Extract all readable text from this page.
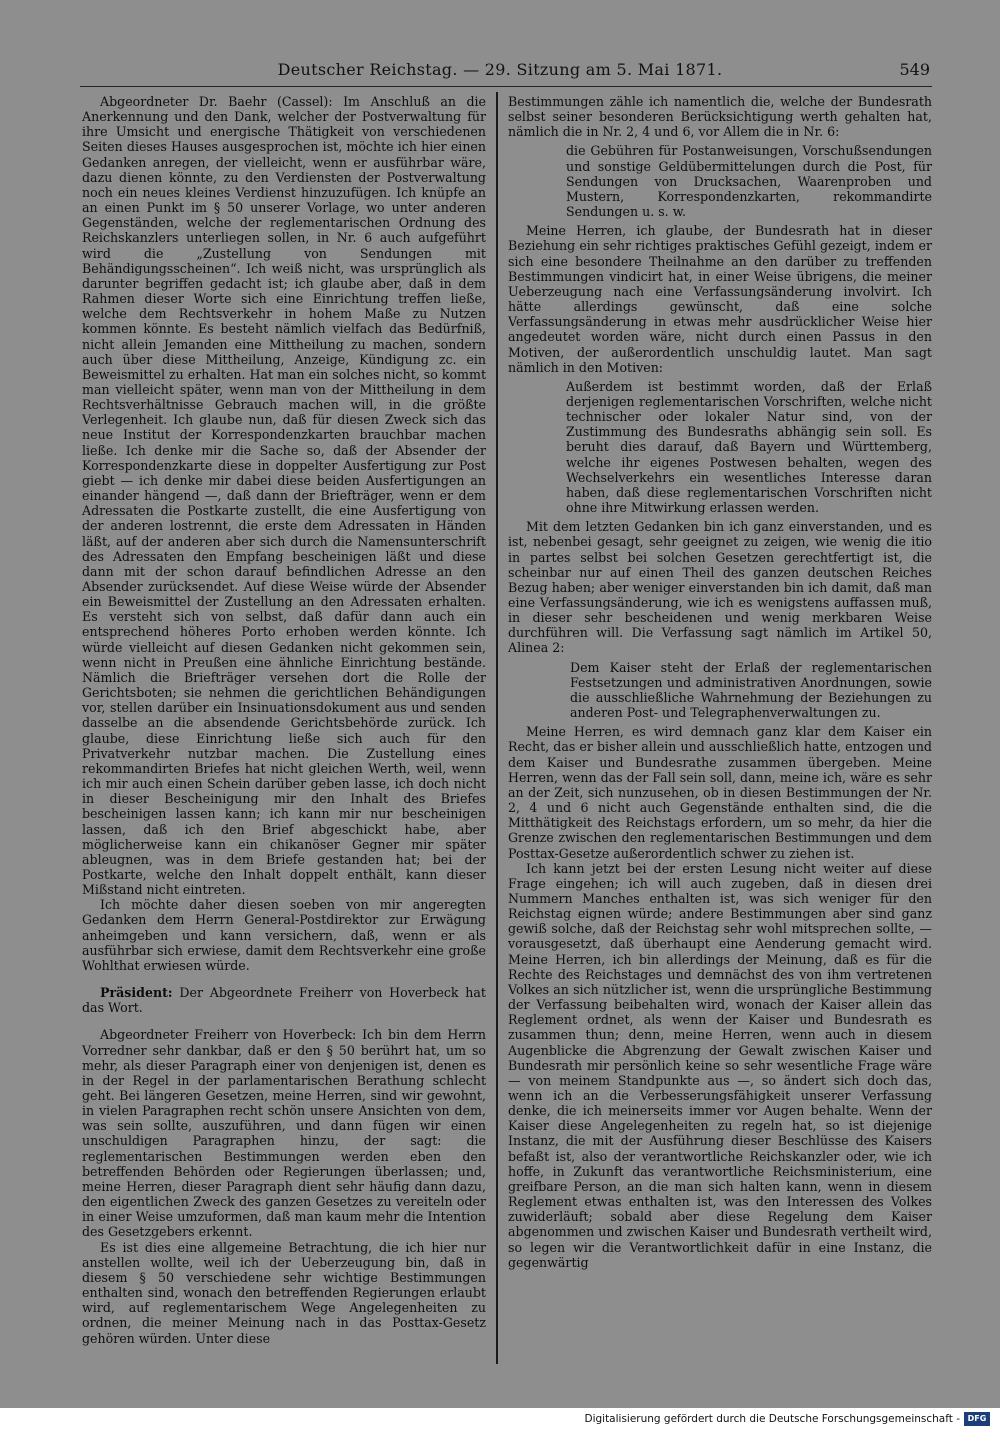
Deutscher Reichstag. — 29. Sitzung am 5. Mai 1871.	549

Abgeordneter Dr. Baehr (Cassel): Im Anschluß an die Anerkennung und den Dank, welcher der Postverwaltung für ihre Umsicht und energische Thätigkeit von verschiedenen Seiten dieses Hauses ausgesprochen ist, möchte ich hier einen Gedanken anregen, der vielleicht, wenn er ausführbar wäre, dazu dienen könnte, zu den Verdiensten der Postverwaltung noch ein neues kleines Verdienst hinzuzufügen. Ich knüpfe an an einen Punkt im § 50 unserer Vorlage, wo unter anderen Gegenständen, welche der reglementarischen Ordnung des Reichskanzlers unterliegen sollen, in Nr. 6 auch aufgeführt wird die „Zustellung von Sendungen mit Behändigungsscheinen“. Ich weiß nicht, was ursprünglich als darunter begriffen gedacht ist; ich glaube aber, daß in dem Rahmen dieser Worte sich eine Einrichtung treffen ließe, welche dem Rechtsverkehr in hohem Maße zu Nutzen kommen könnte. Es besteht nämlich vielfach das Bedürfniß, nicht allein Jemanden eine Mittheilung zu machen, sondern auch über diese Mittheilung, Anzeige, Kündigung zc. ein Beweismittel zu erhalten. Hat man ein solches nicht, so kommt man vielleicht später, wenn man von der Mittheilung in dem Rechtsverhältnisse Gebrauch machen will, in die größte Verlegenheit. Ich glaube nun, daß für diesen Zweck sich das neue Institut der Korrespondenzkarten brauchbar machen ließe. Ich denke mir die Sache so, daß der Absender der Korrespondenzkarte diese in doppelter Ausfertigung zur Post giebt — ich denke mir dabei diese beiden Ausfertigungen an einander hängend —, daß dann der Briefträger, wenn er dem Adressaten die Postkarte zustellt, die eine Ausfertigung von der anderen lostrennt, die erste dem Adressaten in Händen läßt, auf der anderen aber sich durch die Namensunterschrift des Adressaten den Empfang bescheinigen läßt und diese dann mit der schon darauf befindlichen Adresse an den Absender zurücksendet. Auf diese Weise würde der Absender ein Beweismittel der Zustellung an den Adressaten erhalten. Es versteht sich von selbst, daß dafür dann auch ein entsprechend höheres Porto erhoben werden könnte. Ich würde vielleicht auf diesen Gedanken nicht gekommen sein, wenn nicht in Preußen eine ähnliche Einrichtung bestände. Nämlich die Briefträger versehen dort die Rolle der Gerichtsboten; sie nehmen die gerichtlichen Behändigungen vor, stellen darüber ein Insinuationsdokument aus und senden dasselbe an die absendende Gerichtsbehörde zurück. Ich glaube, diese Einrichtung ließe sich auch für den Privatverkehr nutzbar machen. Die Zustellung eines rekommandirten Briefes hat nicht gleichen Werth, weil, wenn ich mir auch einen Schein darüber geben lasse, ich doch nicht in dieser Bescheinigung mir den Inhalt des Briefes bescheinigen lassen kann; ich kann mir nur bescheinigen lassen, daß ich den Brief abgeschickt habe, aber möglicherweise kann ein chikanöser Gegner mir später ableugnen, was in dem Briefe gestanden hat; bei der Postkarte, welche den Inhalt doppelt enthält, kann dieser Mißstand nicht eintreten.

Ich möchte daher diesen soeben von mir angeregten Gedanken dem Herrn General-Postdirektor zur Erwägung anheimgeben und kann versichern, daß, wenn er als ausführbar sich erwiese, damit dem Rechtsverkehr eine große Wohlthat erwiesen würde.

Präsident: Der Abgeordnete Freiherr von Hoverbeck hat das Wort.

Abgeordneter Freiherr von Hoverbeck: Ich bin dem Herrn Vorredner sehr dankbar, daß er den § 50 berührt hat, um so mehr, als dieser Paragraph einer von denjenigen ist, denen es in der Regel in der parlamentarischen Berathung schlecht geht. Bei längeren Gesetzen, meine Herren, sind wir gewohnt, in vielen Paragraphen recht schön unsere Ansichten von dem, was sein sollte, auszuführen, und dann fügen wir einen unschuldigen Paragraphen hinzu, der sagt: die reglementarischen Bestimmungen werden eben den betreffenden Behörden oder Regierungen überlassen; und, meine Herren, dieser Paragraph dient sehr häufig dann dazu, den eigentlichen Zweck des ganzen Gesetzes zu vereiteln oder in einer Weise umzuformen, daß man kaum mehr die Intention des Gesetzgebers erkennt.

Es ist dies eine allgemeine Betrachtung, die ich hier nur anstellen wollte, weil ich der Ueberzeugung bin, daß in diesem § 50 verschiedene sehr wichtige Bestimmungen enthalten sind, wonach den betreffenden Regierungen erlaubt wird, auf reglementarischem Wege Angelegenheiten zu ordnen, die meiner Meinung nach in das Posttax-Gesetz gehören würden. Unter diese

Bestimmungen zähle ich namentlich die, welche der Bundesrath selbst seiner besonderen Berücksichtigung werth gehalten hat, nämlich die in Nr. 2, 4 und 6, vor Allem die in Nr. 6:

die Gebühren für Postanweisungen, Vorschußsendungen und sonstige Geldübermittelungen durch die Post, für Sendungen von Drucksachen, Waarenproben und Mustern, Korrespondenzkarten, rekommandirte Sendungen u. s. w.

Meine Herren, ich glaube, der Bundesrath hat in dieser Beziehung ein sehr richtiges praktisches Gefühl gezeigt, indem er sich eine besondere Theilnahme an den darüber zu treffenden Bestimmungen vindicirt hat, in einer Weise übrigens, die meiner Ueberzeugung nach eine Verfassungsänderung involvirt. Ich hätte allerdings gewünscht, daß eine solche Verfassungsänderung in etwas mehr ausdrücklicher Weise hier angedeutet worden wäre, nicht durch einen Passus in den Motiven, der außerordentlich unschuldig lautet. Man sagt nämlich in den Motiven:

Außerdem ist bestimmt worden, daß der Erlaß derjenigen reglementarischen Vorschriften, welche nicht technischer oder lokaler Natur sind, von der Zustimmung des Bundesraths abhängig sein soll. Es beruht dies darauf, daß Bayern und Württemberg, welche ihr eigenes Postwesen behalten, wegen des Wechselverkehrs ein wesentliches Interesse daran haben, daß diese reglementarischen Vorschriften nicht ohne ihre Mitwirkung erlassen werden.

Mit dem letzten Gedanken bin ich ganz einverstanden, und es ist, nebenbei gesagt, sehr geeignet zu zeigen, wie wenig die itio in partes selbst bei solchen Gesetzen gerechtfertigt ist, die scheinbar nur auf einen Theil des ganzen deutschen Reiches Bezug haben; aber weniger einverstanden bin ich damit, daß man eine Verfassungsänderung, wie ich es wenigstens auffassen muß, in dieser sehr bescheidenen und wenig merkbaren Weise durchführen will. Die Verfassung sagt nämlich im Artikel 50, Alinea 2:

Dem Kaiser steht der Erlaß der reglementarischen Festsetzungen und administrativen Anordnungen, sowie die ausschließliche Wahrnehmung der Beziehungen zu anderen Post- und Telegraphenverwaltungen zu.

Meine Herren, es wird demnach ganz klar dem Kaiser ein Recht, das er bisher allein und ausschließlich hatte, entzogen und dem Kaiser und Bundesrathe zusammen übergeben. Meine Herren, wenn das der Fall sein soll, dann, meine ich, wäre es sehr an der Zeit, sich nunzusehen, ob in diesen Bestimmungen der Nr. 2, 4 und 6 nicht auch Gegenstände enthalten sind, die die Mitthätigkeit des Reichstags erfordern, um so mehr, da hier die Grenze zwischen den reglementarischen Bestimmungen und dem Posttax-Gesetze außerordentlich schwer zu ziehen ist.

Ich kann jetzt bei der ersten Lesung nicht weiter auf diese Frage eingehen; ich will auch zugeben, daß in diesen drei Nummern Manches enthalten ist, was sich weniger für den Reichstag eignen würde; andere Bestimmungen aber sind ganz gewiß solche, daß der Reichstag sehr wohl mitsprechen sollte, — vorausgesetzt, daß überhaupt eine Aenderung gemacht wird. Meine Herren, ich bin allerdings der Meinung, daß es für die Rechte des Reichstages und demnächst des von ihm vertretenen Volkes an sich nützlicher ist, wenn die ursprüngliche Bestimmung der Verfassung beibehalten wird, wonach der Kaiser allein das Reglement ordnet, als wenn der Kaiser und Bundesrath es zusammen thun; denn, meine Herren, wenn auch in diesem Augenblicke die Abgrenzung der Gewalt zwischen Kaiser und Bundesrath mir persönlich keine so sehr wesentliche Frage wäre — von meinem Standpunkte aus —, so ändert sich doch das, wenn ich an die Verbesserungsfähigkeit unserer Verfassung denke, die ich meinerseits immer vor Augen behalte. Wenn der Kaiser diese Angelegenheiten zu regeln hat, so ist diejenige Instanz, die mit der Ausführung dieser Beschlüsse des Kaisers befaßt ist, also der verantwortliche Reichskanzler oder, wie ich hoffe, in Zukunft das verantwortliche Reichsministerium, eine greifbare Person, an die man sich halten kann, wenn in diesem Reglement etwas enthalten ist, was den Interessen des Volkes zuwiderläuft; sobald aber diese Regelung dem Kaiser abgenommen und zwischen Kaiser und Bundesrath vertheilt wird, so legen wir die Verantwortlichkeit dafür in eine Instanz, die gegenwärtig

Digitalisierung gefördert durch die Deutsche Forschungsgemeinschaft - DFG
